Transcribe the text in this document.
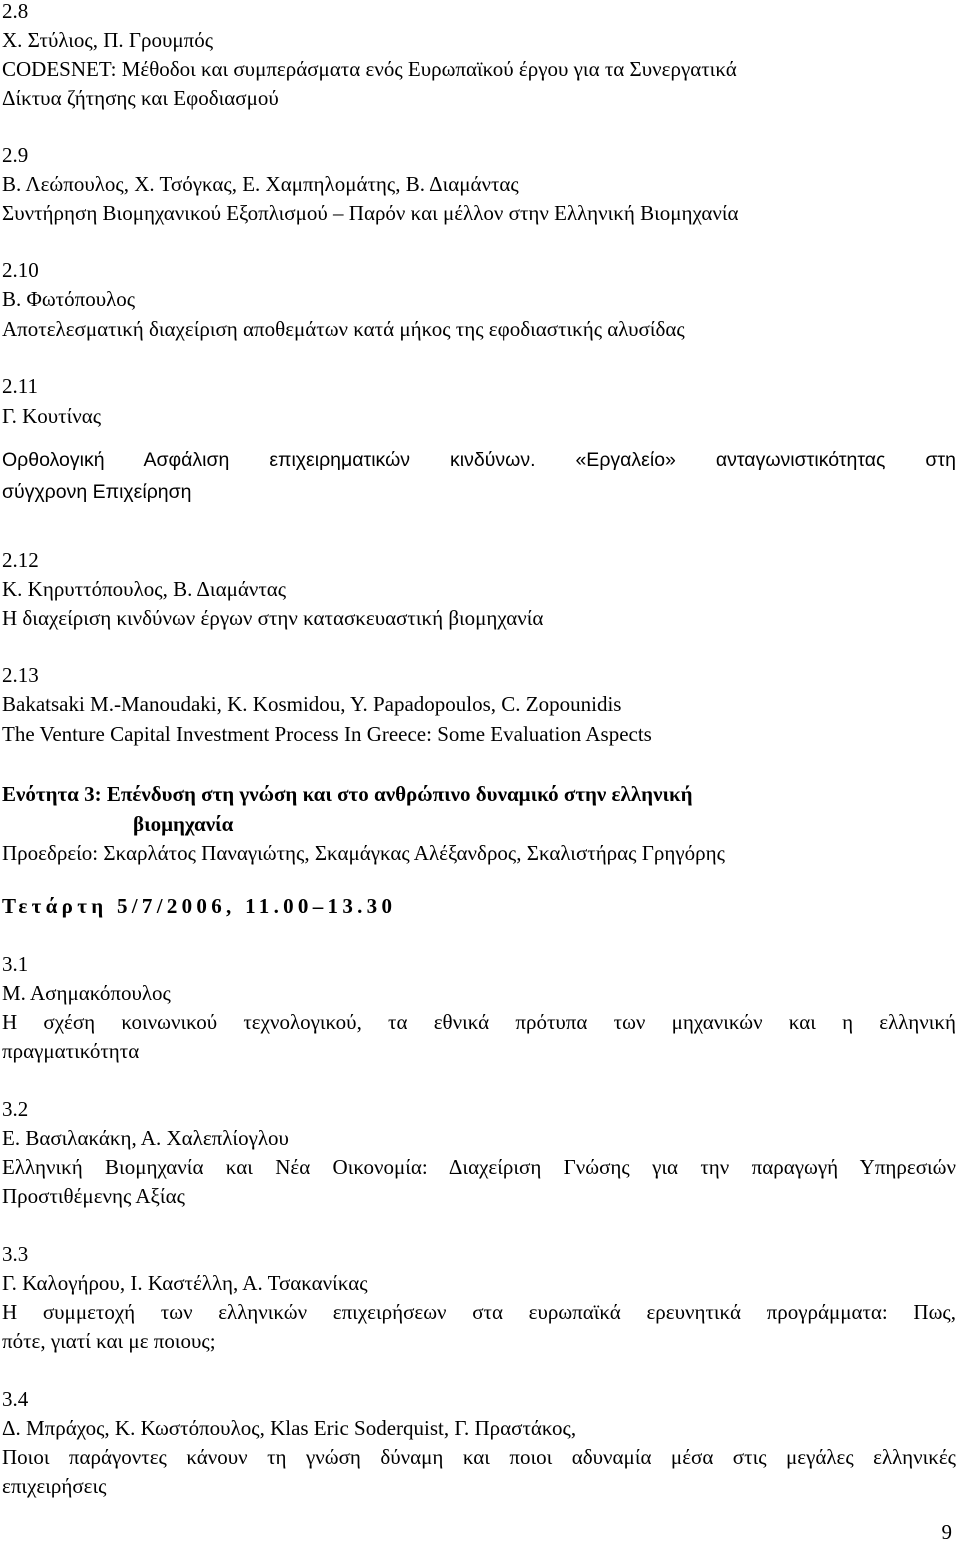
2.8
Χ. Στύλιος, Π. Γρουμπός
CODESNET: Μέθοδοι και συμπεράσματα ενός Ευρωπαϊκού έργου για τα Συνεργατικά
Δίκτυα ζήτησης και Εφοδιασμού
2.9
Β. Λεώπουλος, Χ. Τσόγκας, Ε. Χαμπηλομάτης, Β. Διαμάντας
Συντήρηση Βιομηχανικού Εξοπλισμού – Παρόν και μέλλον στην Ελληνική Βιομηχανία
2.10
Β. Φωτόπουλος
Αποτελεσματική διαχείριση αποθεμάτων κατά μήκος της εφοδιαστικής αλυσίδας
2.11
Γ. Κουτίνας
Ορθολογική Ασφάλιση επιχειρηματικών κινδύνων. «Εργαλείο» ανταγωνιστικότητας στη
σύγχρονη Επιχείρηση
2.12
Κ. Κηρυττόπουλος, Β. Διαμάντας
Η διαχείριση κινδύνων έργων στην κατασκευαστική βιομηχανία
2.13
Bakatsaki M.-Manoudaki, K. Kosmidou, Y. Papadopoulos, C. Zopounidis
The Venture Capital Investment Process In Greece: Some Evaluation Aspects
Ενότητα 3: Επένδυση στη γνώση και στο ανθρώπινο δυναμικό στην ελληνική
βιομηχανία
Προεδρείο: Σκαρλάτος Παναγιώτης, Σκαμάγκας Αλέξανδρος, Σκαλιστήρας Γρηγόρης
Τετάρτη 5/7/2006, 11.00–13.30
3.1
Μ. Ασημακόπουλος
Η σχέση κοινωνικού τεχνολογικού, τα εθνικά πρότυπα των μηχανικών και η ελληνική
πραγματικότητα
3.2
Ε. Βασιλακάκη, Α. Χαλεπλίογλου
Ελληνική Βιομηχανία και Νέα Οικονομία: Διαχείριση Γνώσης για την παραγωγή Υπηρεσιών
Προστιθέμενης Αξίας
3.3
Γ. Καλογήρου, Ι. Καστέλλη, Α. Τσακανίκας
Η συμμετοχή των ελληνικών επιχειρήσεων στα ευρωπαϊκά ερευνητικά προγράμματα: Πως,
πότε, γιατί και με ποιους;
3.4
Δ. Μπράχος, Κ. Κωστόπουλος, Klas Eric Soderquist, Γ. Πραστάκος,
Ποιοι παράγοντες κάνουν τη γνώση δύναμη και ποιοι αδυναμία μέσα στις μεγάλες ελληνικές
επιχειρήσεις
9
